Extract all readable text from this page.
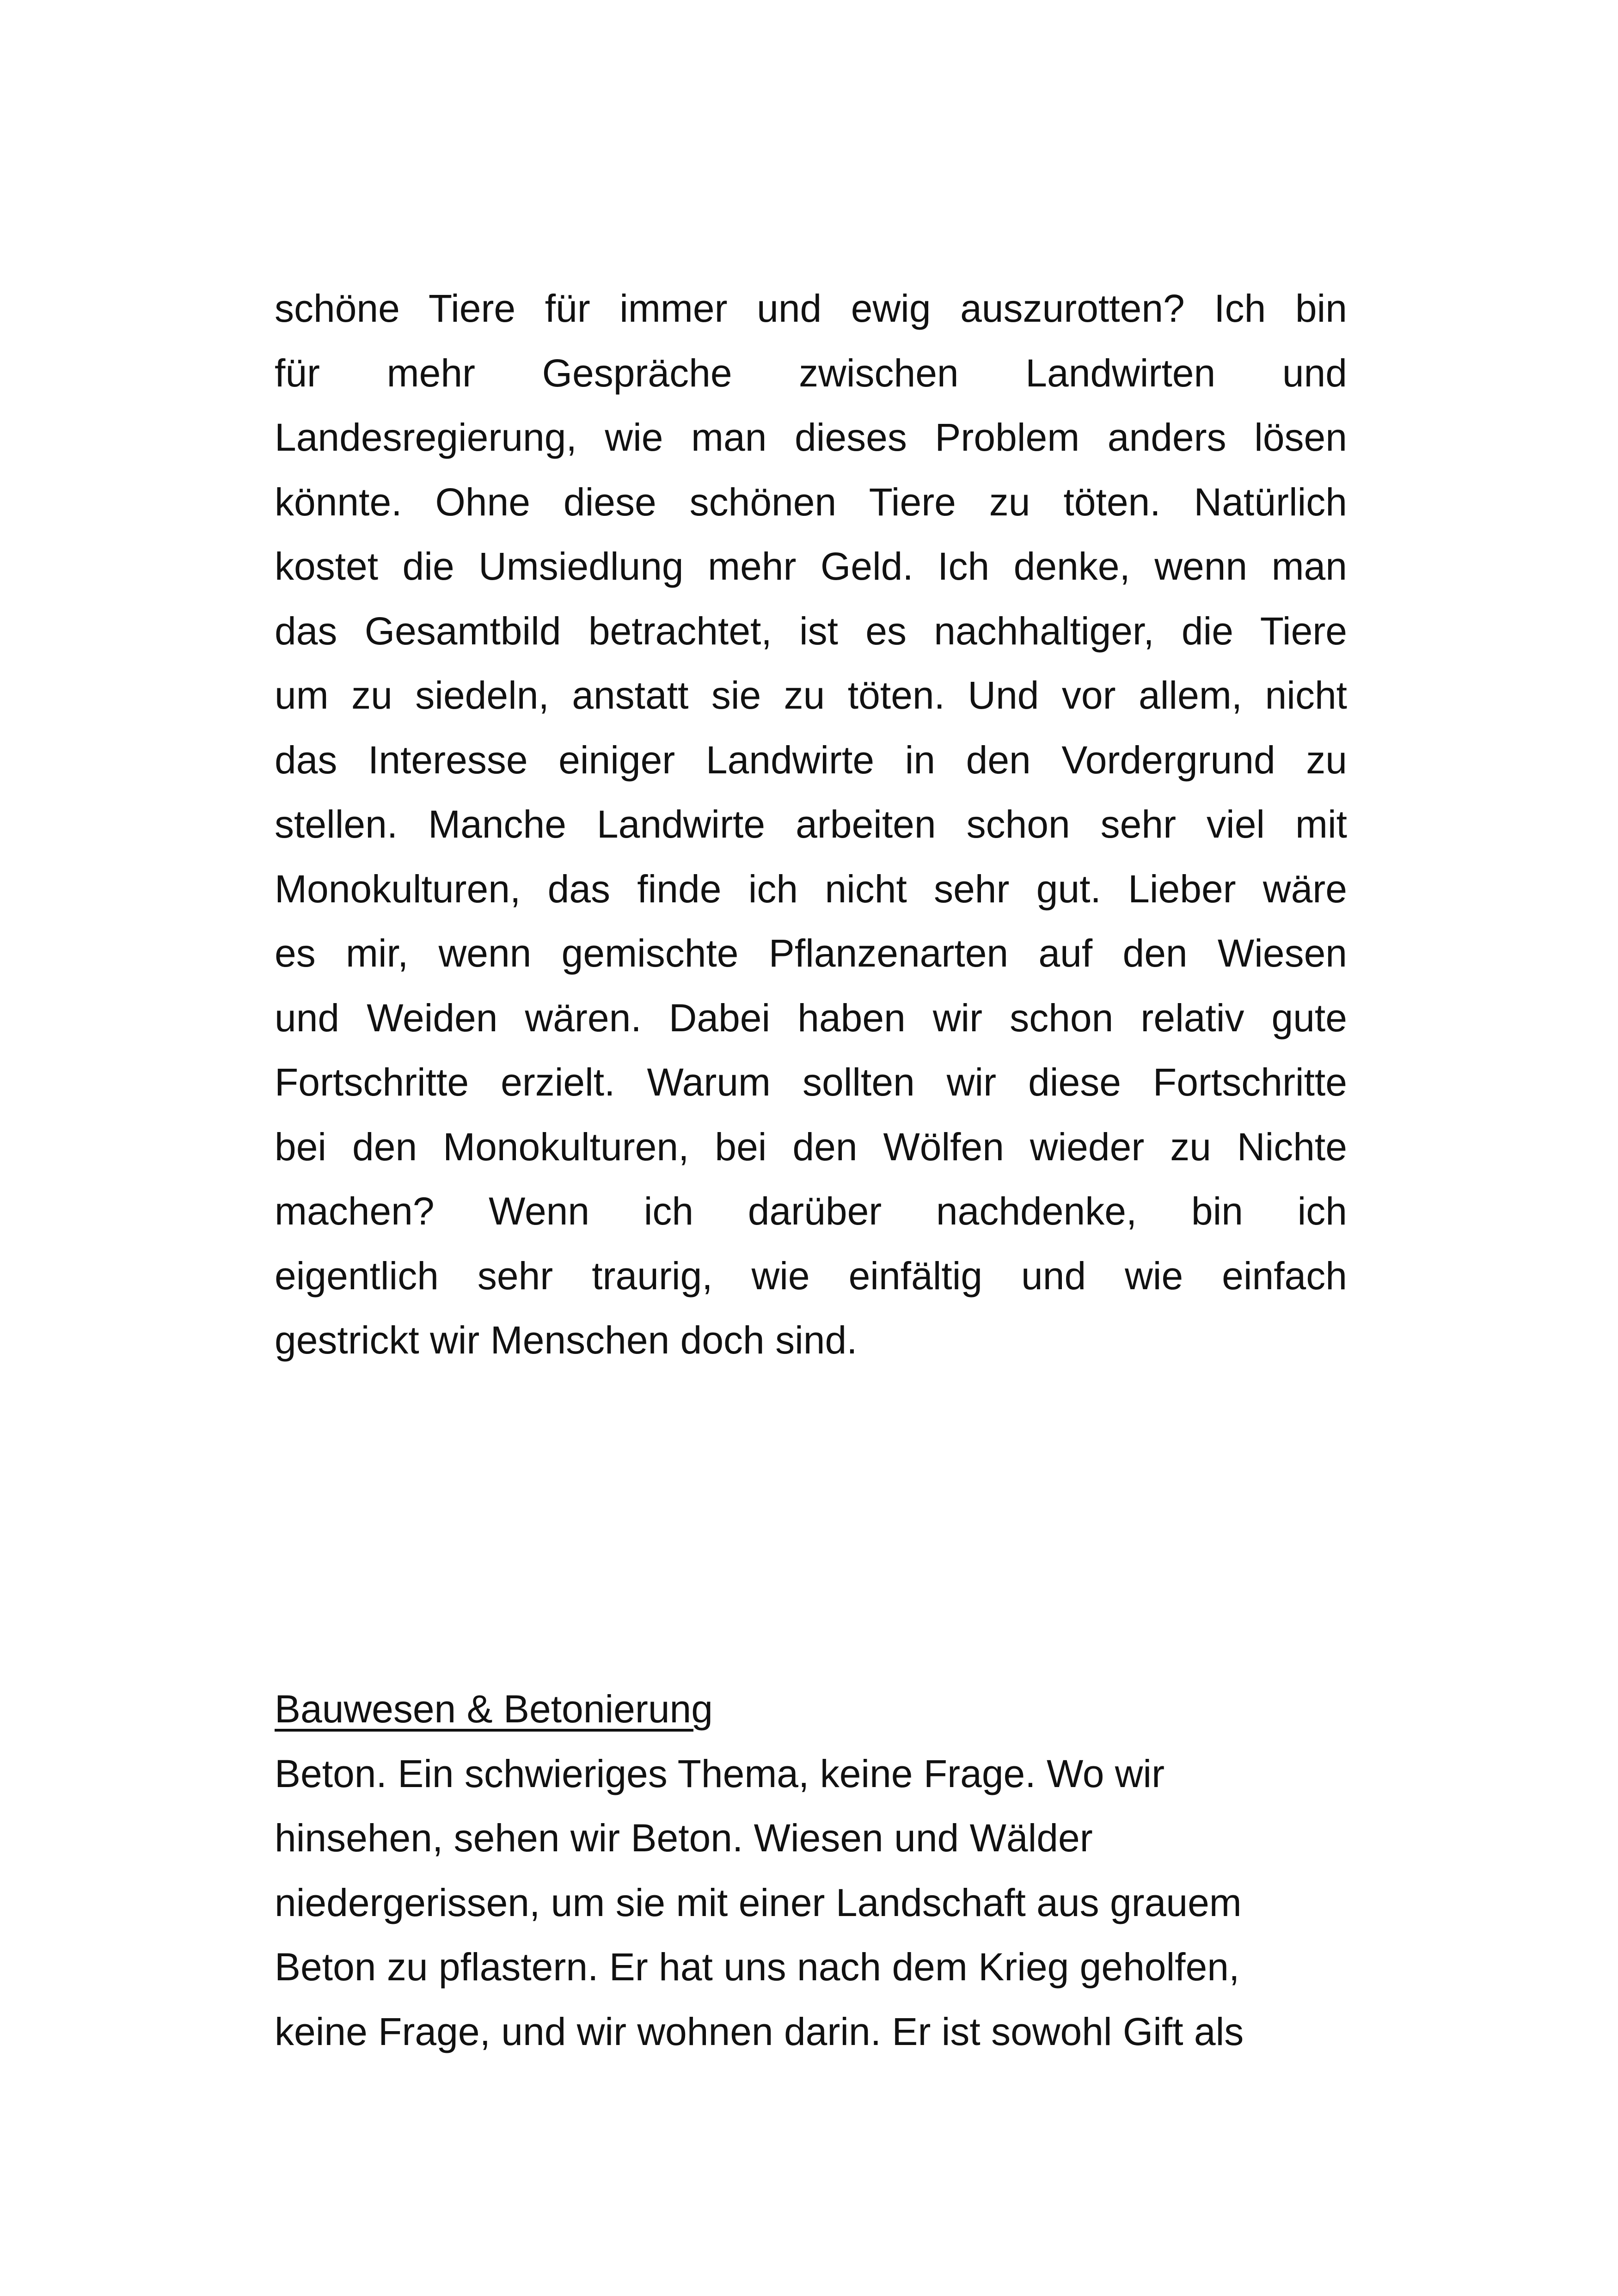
schöne Tiere für immer und ewig auszurotten? Ich bin
für mehr Gespräche zwischen Landwirten und
Landesregierung, wie man dieses Problem anders lösen
könnte. Ohne diese schönen Tiere zu töten. Natürlich
kostet die Umsiedlung mehr Geld. Ich denke, wenn man
das Gesamtbild betrachtet, ist es nachhaltiger, die Tiere
um zu siedeln, anstatt sie zu töten. Und vor allem, nicht
das Interesse einiger Landwirte in den Vordergrund zu
stellen. Manche Landwirte arbeiten schon sehr viel mit
Monokulturen, das finde ich nicht sehr gut. Lieber wäre
es mir, wenn gemischte Pflanzenarten auf den Wiesen
und Weiden wären. Dabei haben wir schon relativ gute
Fortschritte erzielt. Warum sollten wir diese Fortschritte
bei den Monokulturen, bei den Wölfen wieder zu Nichte
machen? Wenn ich darüber nachdenke, bin ich
eigentlich sehr traurig, wie einfältig und wie einfach
gestrickt wir Menschen doch sind.
Bauwesen & Betonierung
Beton. Ein schwieriges Thema, keine Frage. Wo wir
hinsehen, sehen wir Beton. Wiesen und Wälder
niedergerissen, um sie mit einer Landschaft aus grauem
Beton zu pflastern. Er hat uns nach dem Krieg geholfen,
keine Frage, und wir wohnen darin. Er ist sowohl Gift als
